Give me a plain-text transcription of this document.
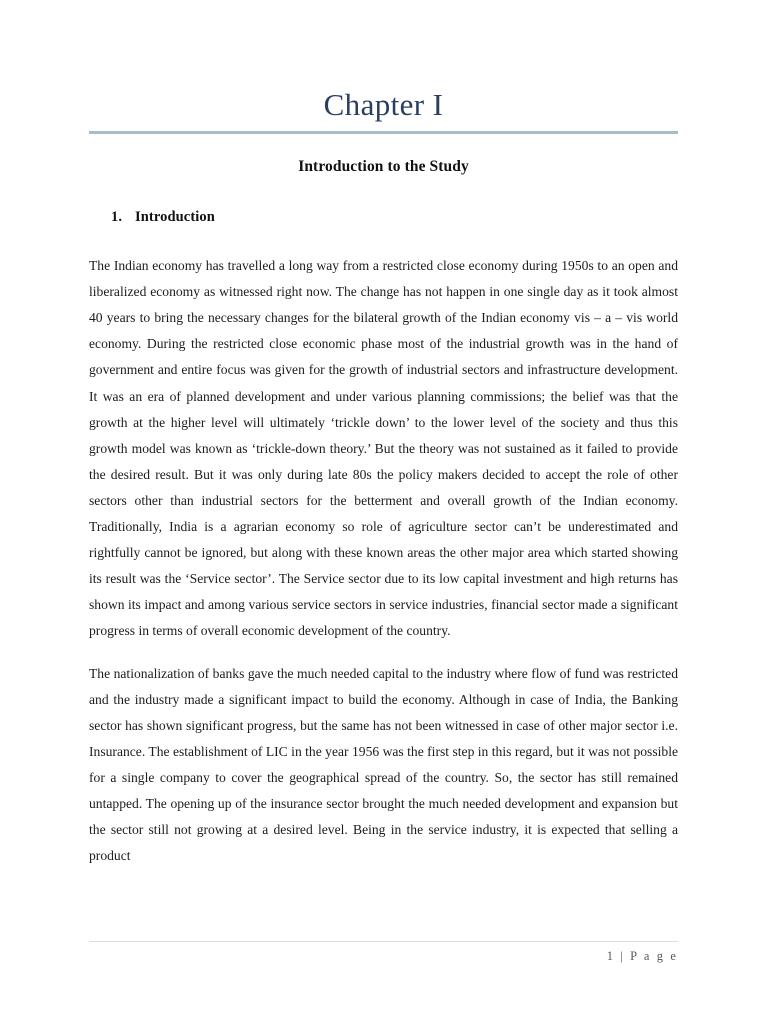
Chapter I
Introduction to the Study
1. Introduction

The Indian economy has travelled a long way from a restricted close economy during 1950s to an open and liberalized economy as witnessed right now. The change has not happen in one single day as it took almost 40 years to bring the necessary changes for the bilateral growth of the Indian economy vis – a – vis world economy. During the restricted close economic phase most of the industrial growth was in the hand of government and entire focus was given for the growth of industrial sectors and infrastructure development. It was an era of planned development and under various planning commissions; the belief was that the growth at the higher level will ultimately ‘trickle down’ to the lower level of the society and thus this growth model was known as ‘trickle-down theory.’ But the theory was not sustained as it failed to provide the desired result. But it was only during late 80s the policy makers decided to accept the role of other sectors other than industrial sectors for the betterment and overall growth of the Indian economy. Traditionally, India is a agrarian economy so role of agriculture sector can’t be underestimated and rightfully cannot be ignored, but along with these known areas the other major area which started showing its result was the ‘Service sector’. The Service sector due to its low capital investment and high returns has shown its impact and among various service sectors in service industries, financial sector made a significant progress in terms of overall economic development of the country.

The nationalization of banks gave the much needed capital to the industry where flow of fund was restricted and the industry made a significant impact to build the economy. Although in case of India, the Banking sector has shown significant progress, but the same has not been witnessed in case of other major sector i.e. Insurance. The establishment of LIC in the year 1956 was the first step in this regard, but it was not possible for a single company to cover the geographical spread of the country. So, the sector has still remained untapped. The opening up of the insurance sector brought the much needed development and expansion but the sector still not growing at a desired level. Being in the service industry, it is expected that selling a product

1 | P a g e
